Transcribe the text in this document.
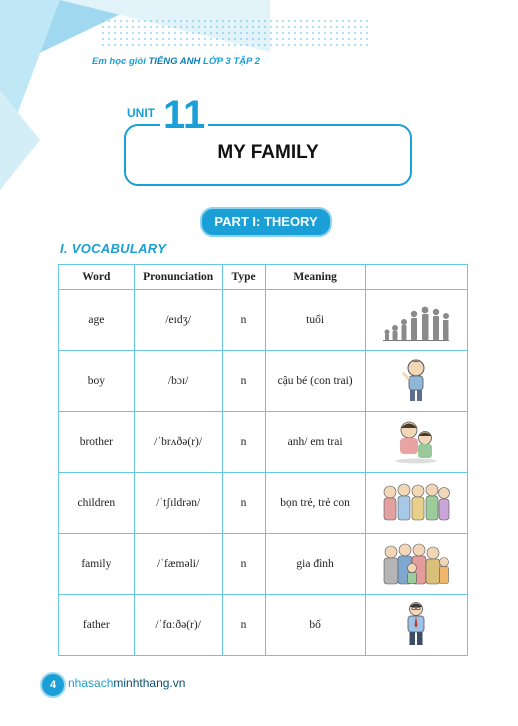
Em học giỏi TIẾNG ANH LỚP 3 TẬP 2
UNIT 11
MY FAMILY
PART I: THEORY
I. VOCABULARY
Word	Pronunciation	Type	Meaning	
age	/eɪdʒ/	n	tuổi	
boy	/bɔɪ/	n	cậu bé (con trai)	
brother	/ˈbrʌðə(r)/	n	anh/ em trai	
children	/ˈtʃɪldrən/	n	bọn trẻ, trẻ con	
family	/ˈfæməli/	n	gia đình	
father	/ˈfɑːðə(r)/	n	bố	
4 nhasachminhthang.vn
